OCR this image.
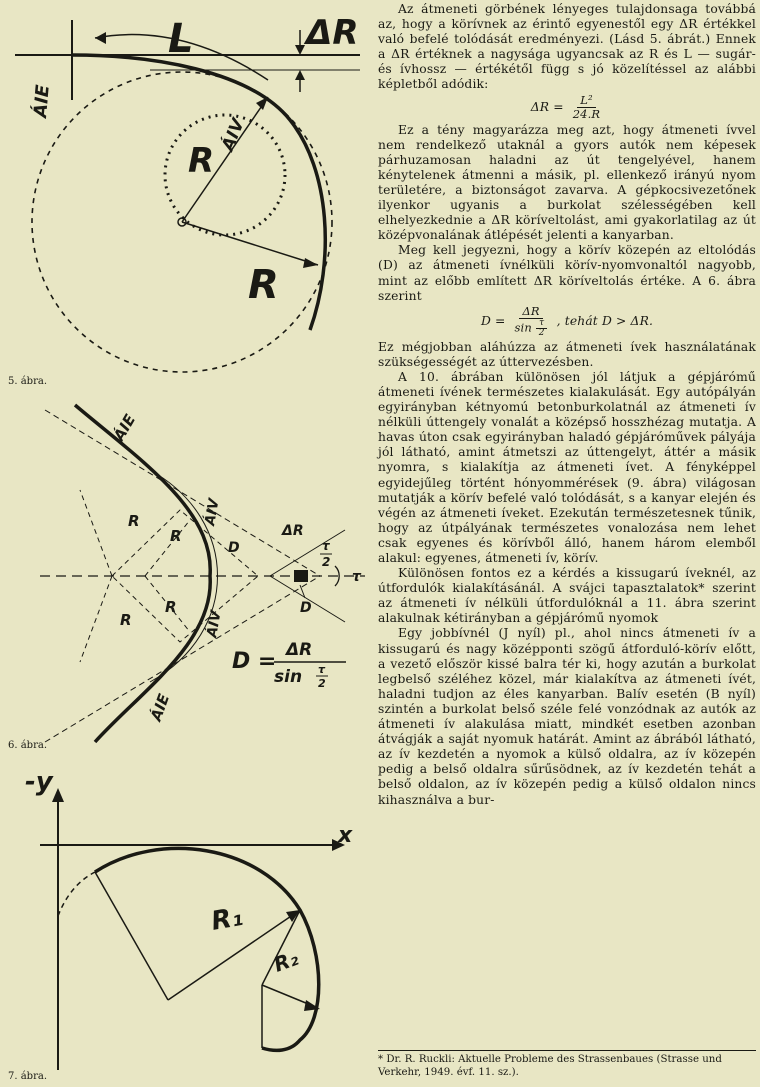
L	ΔR
ÁIE
ÁIV
R
R
5. ábra.
ÁIE
ÁIE
ÁIV
ÁIV
R
R
R
R
D
D
ΔR
τ
2
τ
D = ΔR
sin τ
2
6. ábra.
-y
x
R₁
R₂
7. ábra.

Az átmeneti görbének lényeges tulajdonsaga továbbá az, hogy a körívnek az érintő egyenestől egy ΔR értékkel való befelé tolódását eredményezi. (Lásd 5. ábrát.) Ennek a ΔR értéknek a nagysága ugyancsak az R és L — sugár- és ívhossz — értékétől függ s jó közelítéssel az alábbi képletből adódik:

$\Delta R = \frac{\text{L²}}{24.R}$

Ez a tény magyarázza meg azt, hogy átmeneti ívvel nem rendelkező utaknál a gyors autók nem képesek párhuzamosan haladni az út tengelyével, hanem kénytelenek átmenni a másik, pl. ellenkező irányú nyom területére, a biztonságot zavarva. A gépkocsivezetőnek ilyenkor ugyanis a burkolat szélességében kell elhelyezkednie a ΔR köríveltolást, ami gyakorlatilag az út középvonalának átlépését jelenti a kanyarban.

Meg kell jegyezni, hogy a körív közepén az eltolódás (D) az átmeneti ívnélküli körív-nyomvonaltól nagyobb, mint az előbb említett ΔR köríveltolás értéke. A 6. ábra szerint

$D = \frac{\Delta R}{\sin \frac{\tau}{2}}$ , tehát D > ΔR.

Ez mégjobban aláhúzza az átmeneti ívek használatának szükségességét az úttervezésben.

A 10. ábrában különösen jól látjuk a gépjárómű átmeneti ívének természetes kialakulását. Egy autópályán egyirányban kétnyomú betonburkolatnál az átmeneti ív nélküli úttengely vonalát a középső hosszhézag mutatja. A havas úton csak egyirányban haladó gépjáróművek pályája jól látható, amint átmetszi az úttengelyt, áttér a másik nyomra, s kialakítja az átmeneti ívet. A fényképpel egyidejűleg történt hónyommérések (9. ábra) világosan mutatják a körív befelé való tolódását, s a kanyar elején és végén az átmeneti íveket. Ezekután természetesnek tűnik, hogy az útpályának természetes vonalozása nem lehet csak egyenes és körívből álló, hanem három elemből alakul: egyenes, átmeneti ív, körív.

Különösen fontos ez a kérdés a kissugarú íveknél, az útfordulók kialakításánál. A svájci tapasztalatok* szerint az átmeneti ív nélküli útfordulóknál a 11. ábra szerint alakulnak kétirányban a gépjárómű nyomok

Egy jobbívnél (J nyíl) pl., ahol nincs átmeneti ív a kissugarú és nagy középponti szögű átforduló-körív előtt, a vezető először kissé balra tér ki, hogy azután a burkolat legbelső széléhez közel, már kialakítva az átmeneti ívét, haladni tudjon az éles kanyarban. Balív esetén (B nyíl) szintén a burkolat belső széle felé vonzódnak az autók az átmeneti ív alakulása miatt, mindkét esetben azonban átvágják a saját nyomuk határát. Amint az ábrából látható, az ív kezdetén a nyomok a külső oldalra, az ív közepén pedig a belső oldalra sűrűsödnek, az ív kezdetén tehát a belső oldalon, az ív közepén pedig a külső oldalon nincs kihasználva a bur-

* Dr. R. Ruckli: Aktuelle Probleme des Strassenbaues (Strasse und Verkehr, 1949. évf. 11. sz.).
